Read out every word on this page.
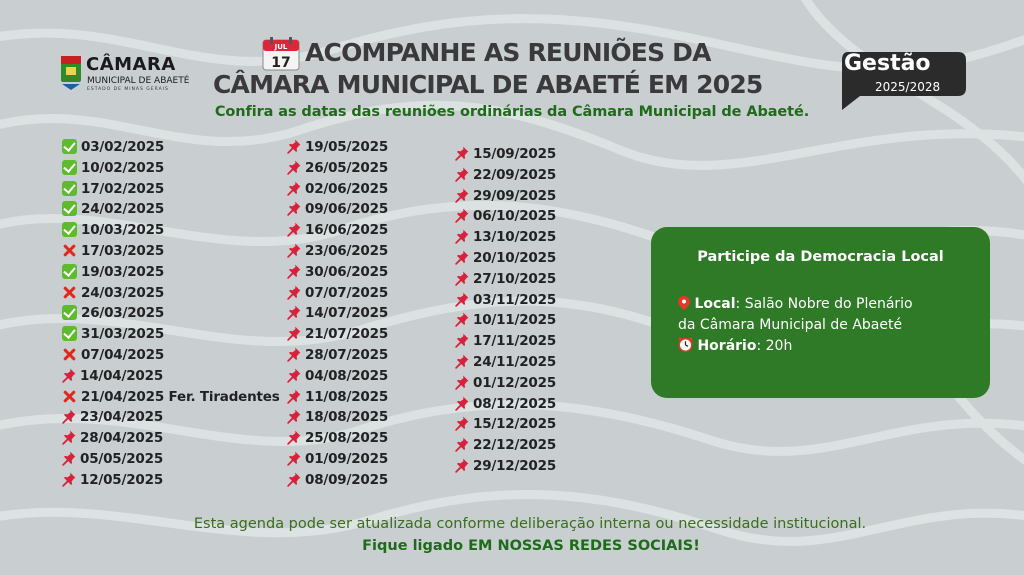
CÂMARA
MUNICIPAL DE ABAETÉ
ESTADO DE MINAS GERAIS
JUL
17 ACOMPANHE AS REUNIÕES DA
CÂMARA MUNICIPAL DE ABAETÉ EM 2025
Confira as datas das reuniões ordinárias da Câmara Municipal de Abaeté.
Gestão
2025/2028
03/02/2025
10/02/2025
17/02/2025
24/02/2025
10/03/2025
17/03/2025
19/03/2025
24/03/2025
26/03/2025
31/03/2025
07/04/2025
14/04/2025
21/04/2025 Fer. Tiradentes
23/04/2025
28/04/2025
05/05/2025
12/05/2025
19/05/2025
26/05/2025
02/06/2025
09/06/2025
16/06/2025
23/06/2025
30/06/2025
07/07/2025
14/07/2025
21/07/2025
28/07/2025
04/08/2025
11/08/2025
18/08/2025
25/08/2025
01/09/2025
08/09/2025
15/09/2025
22/09/2025
29/09/2025
06/10/2025
13/10/2025
20/10/2025
27/10/2025
03/11/2025
10/11/2025
17/11/2025
24/11/2025
01/12/2025
08/12/2025
15/12/2025
22/12/2025
29/12/2025
Participe da Democracia Local
Local: Salão Nobre do Plenário
da Câmara Municipal de Abaeté
Horário: 20h
Esta agenda pode ser atualizada conforme deliberação interna ou necessidade institucional.
Fique ligado EM NOSSAS REDES SOCIAIS!
